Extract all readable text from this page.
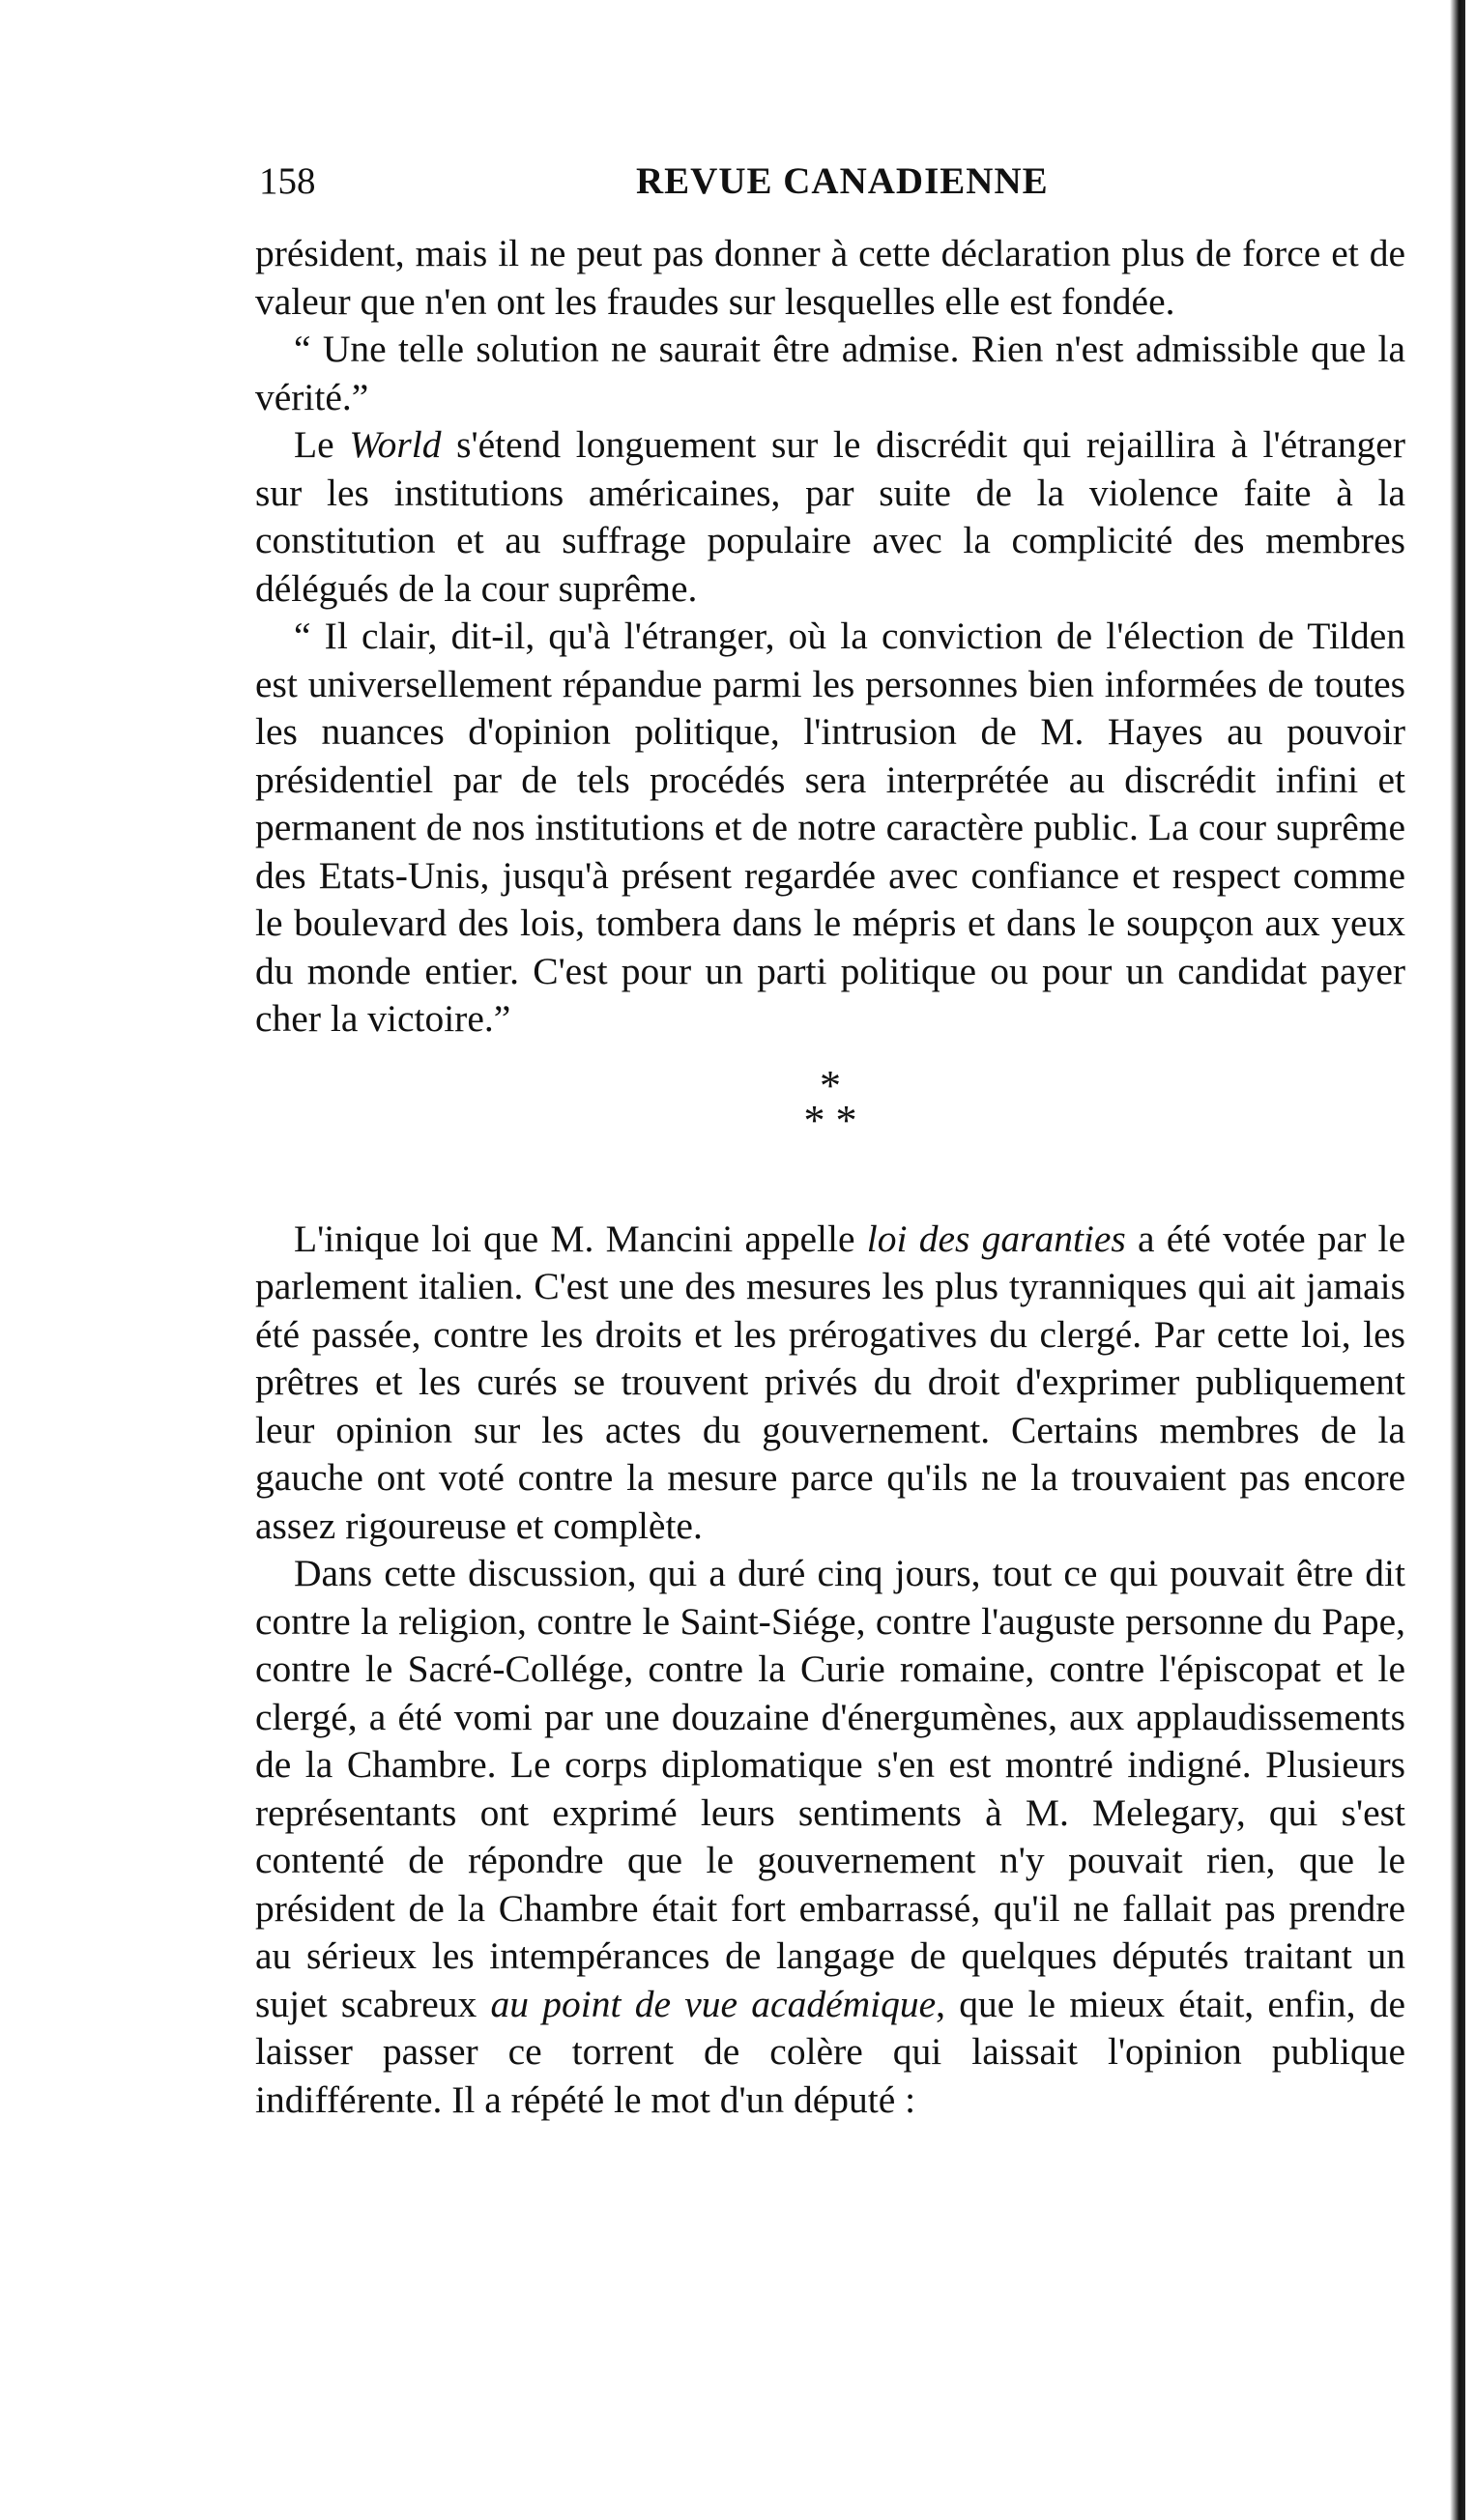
158	REVUE CANADIENNE

président, mais il ne peut pas donner à cette déclaration plus de force et de valeur que n'en ont les fraudes sur lesquelles elle est fondée.

“ Une telle solution ne saurait être admise. Rien n'est admissible que la vérité.”

Le World s'étend longuement sur le discrédit qui rejaillira à l'étranger sur les institutions américaines, par suite de la violence faite à la constitution et au suffrage populaire avec la complicité des membres délégués de la cour suprême.

“ Il clair, dit-il, qu'à l'étranger, où la conviction de l'élection de Tilden est universellement répandue parmi les personnes bien informées de toutes les nuances d'opinion politique, l'intrusion de M. Hayes au pouvoir présidentiel par de tels procédés sera interprétée au discrédit infini et permanent de nos institutions et de notre caractère public. La cour suprême des Etats-Unis, jusqu'à présent regardée avec confiance et respect comme le boulevard des lois, tombera dans le mépris et dans le soupçon aux yeux du monde entier. C'est pour un parti politique ou pour un candidat payer cher la victoire.”

*
* *

L'inique loi que M. Mancini appelle loi des garanties a été votée par le parlement italien. C'est une des mesures les plus tyranniques qui ait jamais été passée, contre les droits et les prérogatives du clergé. Par cette loi, les prêtres et les curés se trouvent privés du droit d'exprimer publiquement leur opinion sur les actes du gouvernement. Certains membres de la gauche ont voté contre la mesure parce qu'ils ne la trouvaient pas encore assez rigoureuse et complète.

Dans cette discussion, qui a duré cinq jours, tout ce qui pouvait être dit contre la religion, contre le Saint-Siége, contre l'auguste personne du Pape, contre le Sacré-Collége, contre la Curie romaine, contre l'épiscopat et le clergé, a été vomi par une douzaine d'énergumènes, aux applaudissements de la Chambre. Le corps diplomatique s'en est montré indigné. Plusieurs représentants ont exprimé leurs sentiments à M. Melegary, qui s'est contenté de répondre que le gouvernement n'y pouvait rien, que le président de la Chambre était fort embarrassé, qu'il ne fallait pas prendre au sérieux les intempérances de langage de quelques députés traitant un sujet scabreux au point de vue académique, que le mieux était, enfin, de laisser passer ce torrent de colère qui laissait l'opinion publique indifférente. Il a répété le mot d'un député :
